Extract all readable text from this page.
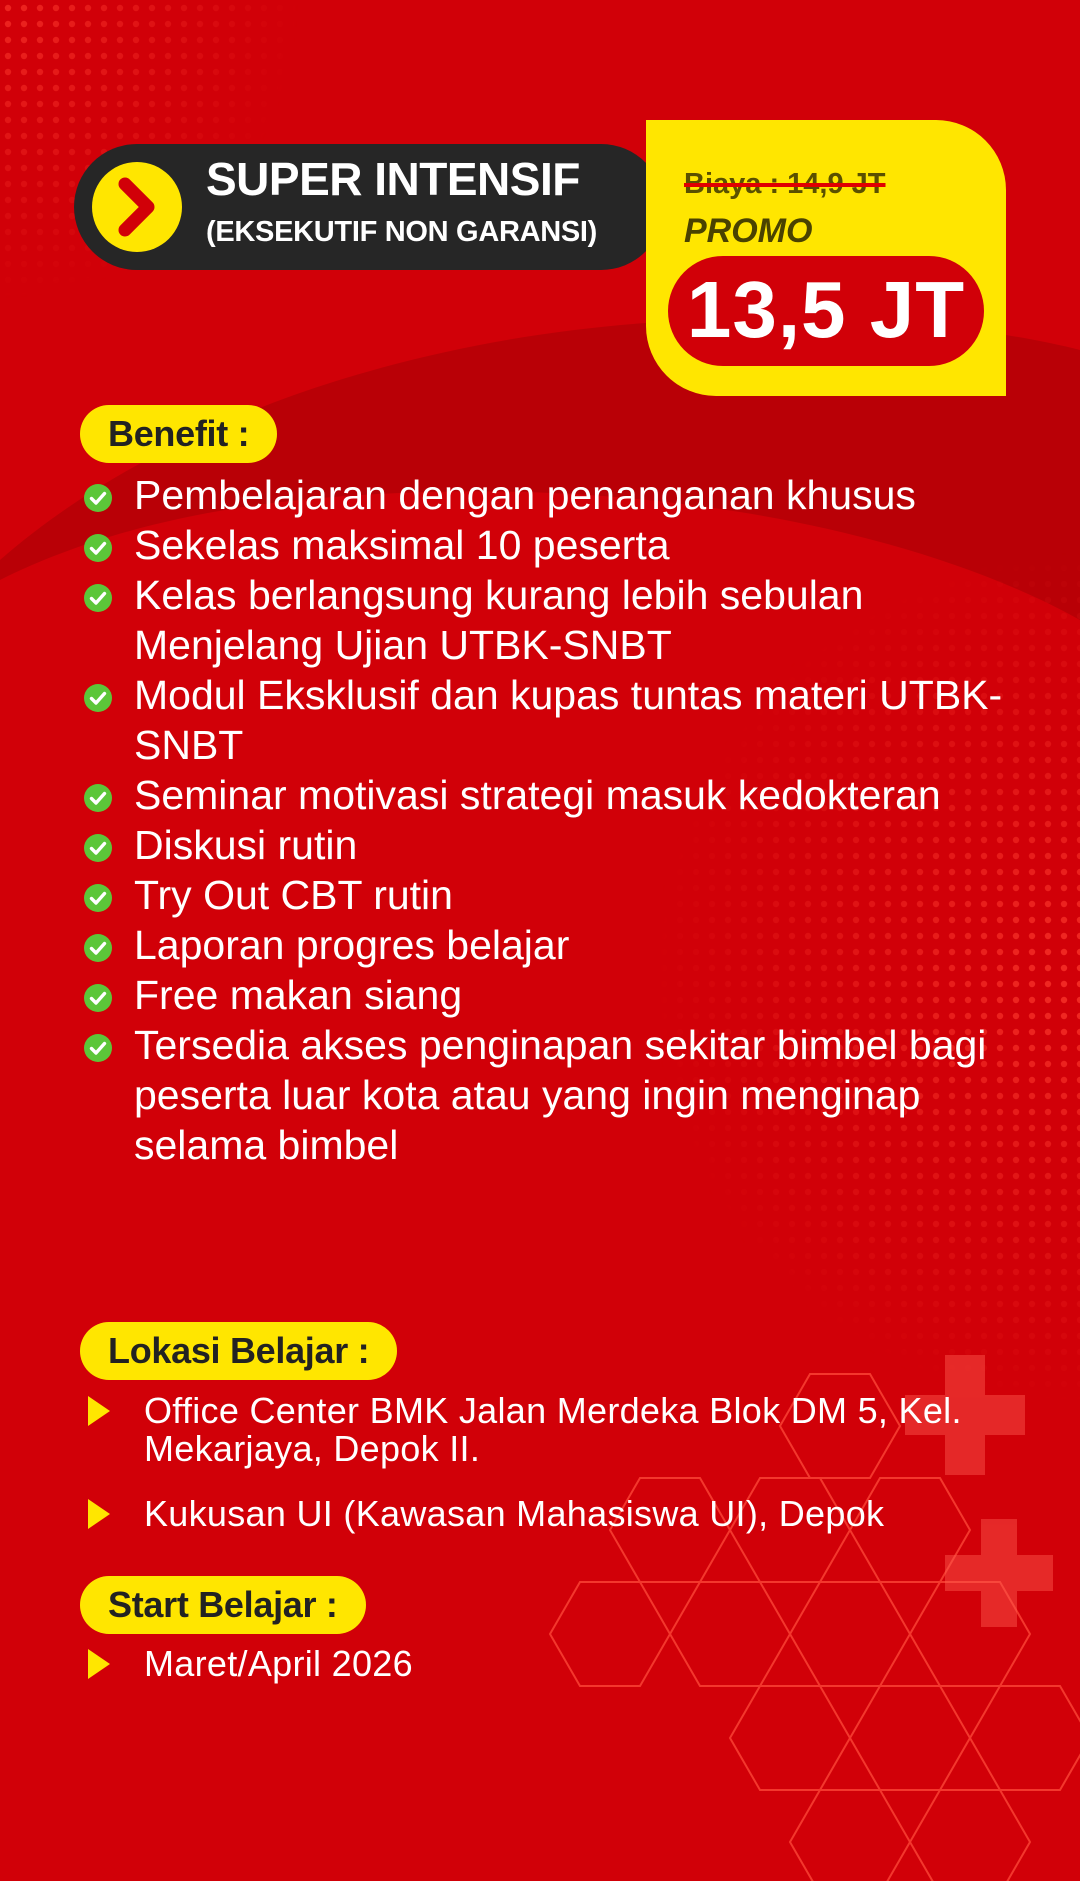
SUPER INTENSIF
(EKSEKUTIF NON GARANSI)
Biaya : 14,9 JT
PROMO
13,5 JT
Benefit :
Pembelajaran dengan penanganan khusus
Sekelas maksimal 10 peserta
Kelas berlangsung kurang lebih sebulan Menjelang Ujian UTBK-SNBT
Modul Eksklusif dan kupas tuntas materi UTBK-SNBT
Seminar motivasi strategi masuk kedokteran
Diskusi rutin
Try Out CBT rutin
Laporan progres belajar
Free makan siang
Tersedia akses penginapan sekitar bimbel bagi peserta luar kota atau yang ingin menginap selama bimbel
Lokasi Belajar :
Office Center BMK Jalan Merdeka Blok DM 5, Kel. Mekarjaya, Depok II.
Kukusan UI (Kawasan Mahasiswa UI), Depok
Start Belajar :
Maret/April 2026
